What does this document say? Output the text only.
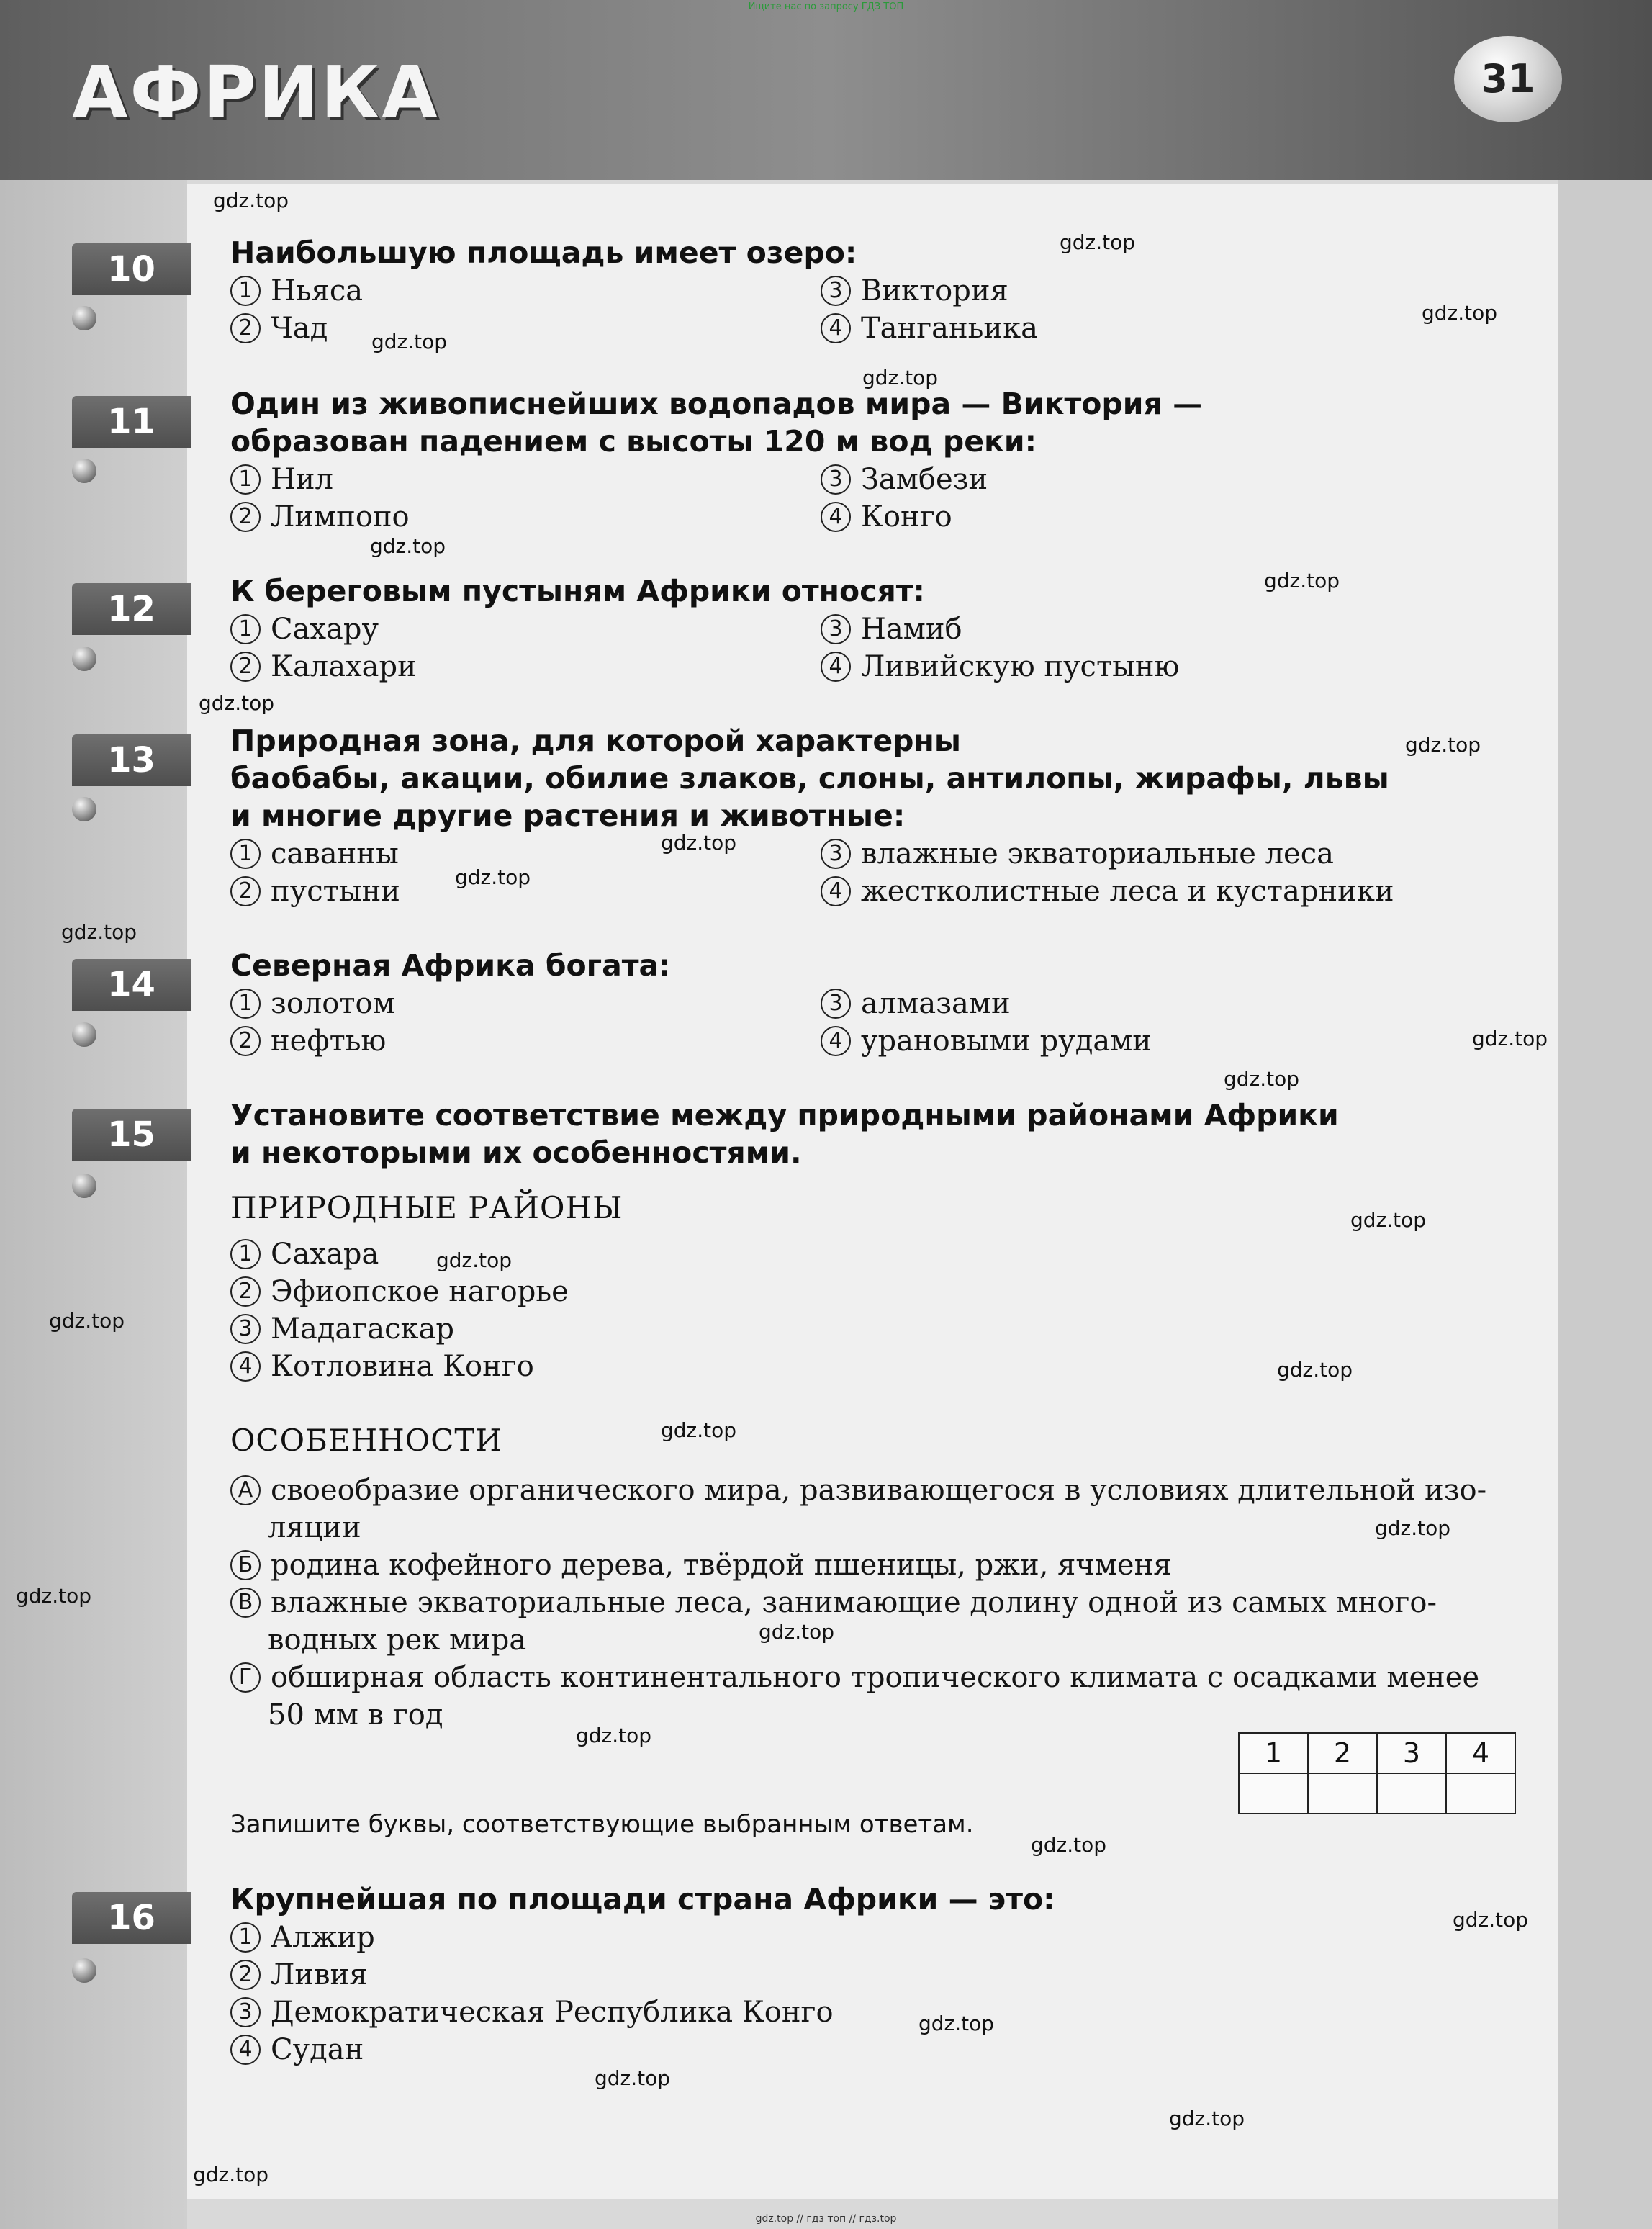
АФРИКА	31
Ищите нас по запросу ГДЗ ТОП
10	Наибольшую площадь имеет озеро:
1 Ньяса
2 Чад
3 Виктория
4 Танганьика
11	Один из живописнейших водопадов мира — Виктория —
образован падением с высоты 120 м вод реки:
1 Нил
2 Лимпопо
3 Замбези
4 Конго
12	К береговым пустыням Африки относят:
1 Сахару
2 Калахари
3 Намиб
4 Ливийскую пустыню
13	Природная зона, для которой характерны
баобабы, акации, обилие злаков, слоны, антилопы, жирафы, львы
и многие другие растения и животные:
1 саванны
2 пустыни
3 влажные экваториальные леса
4 жестколистные леса и кустарники
14	Северная Африка богата:
1 золотом
2 нефтью
3 алмазами
4 урановыми рудами
15	Установите соответствие между природными районами Африки
и некоторыми их особенностями.
ПРИРОДНЫЕ РАЙОНЫ
1 Сахара
2 Эфиопское нагорье
3 Мадагаскар
4 Котловина Конго
ОСОБЕННОСТИ
А своеобразие органического мира, развивающегося в условиях длительной изо-
ляции
Б родина кофейного дерева, твёрдой пшеницы, ржи, ячменя
В влажные экваториальные леса, занимающие долину одной из самых много-
водных рек мира
Г обширная область континентального тропического климата с осадками менее
50 мм в год
Запишите буквы, соответствующие выбранным ответам.
1	2	3	4

16	Крупнейшая по площади страна Африки — это:
1 Алжир
2 Ливия
3 Демократическая Республика Конго
4 Судан
gdz.top
gdz.top
gdz.top
gdz.top
gdz.top
gdz.top
gdz.top
gdz.top
gdz.top
gdz.top
gdz.top
gdz.top
gdz.top
gdz.top
gdz.top
gdz.top
gdz.top
gdz.top
gdz.top
gdz.top
gdz.top
gdz.top
gdz.top
gdz.top
gdz.top
gdz.top
gdz.top
gdz.top
gdz.top
gdz.top // гдз топ // гдз.top
